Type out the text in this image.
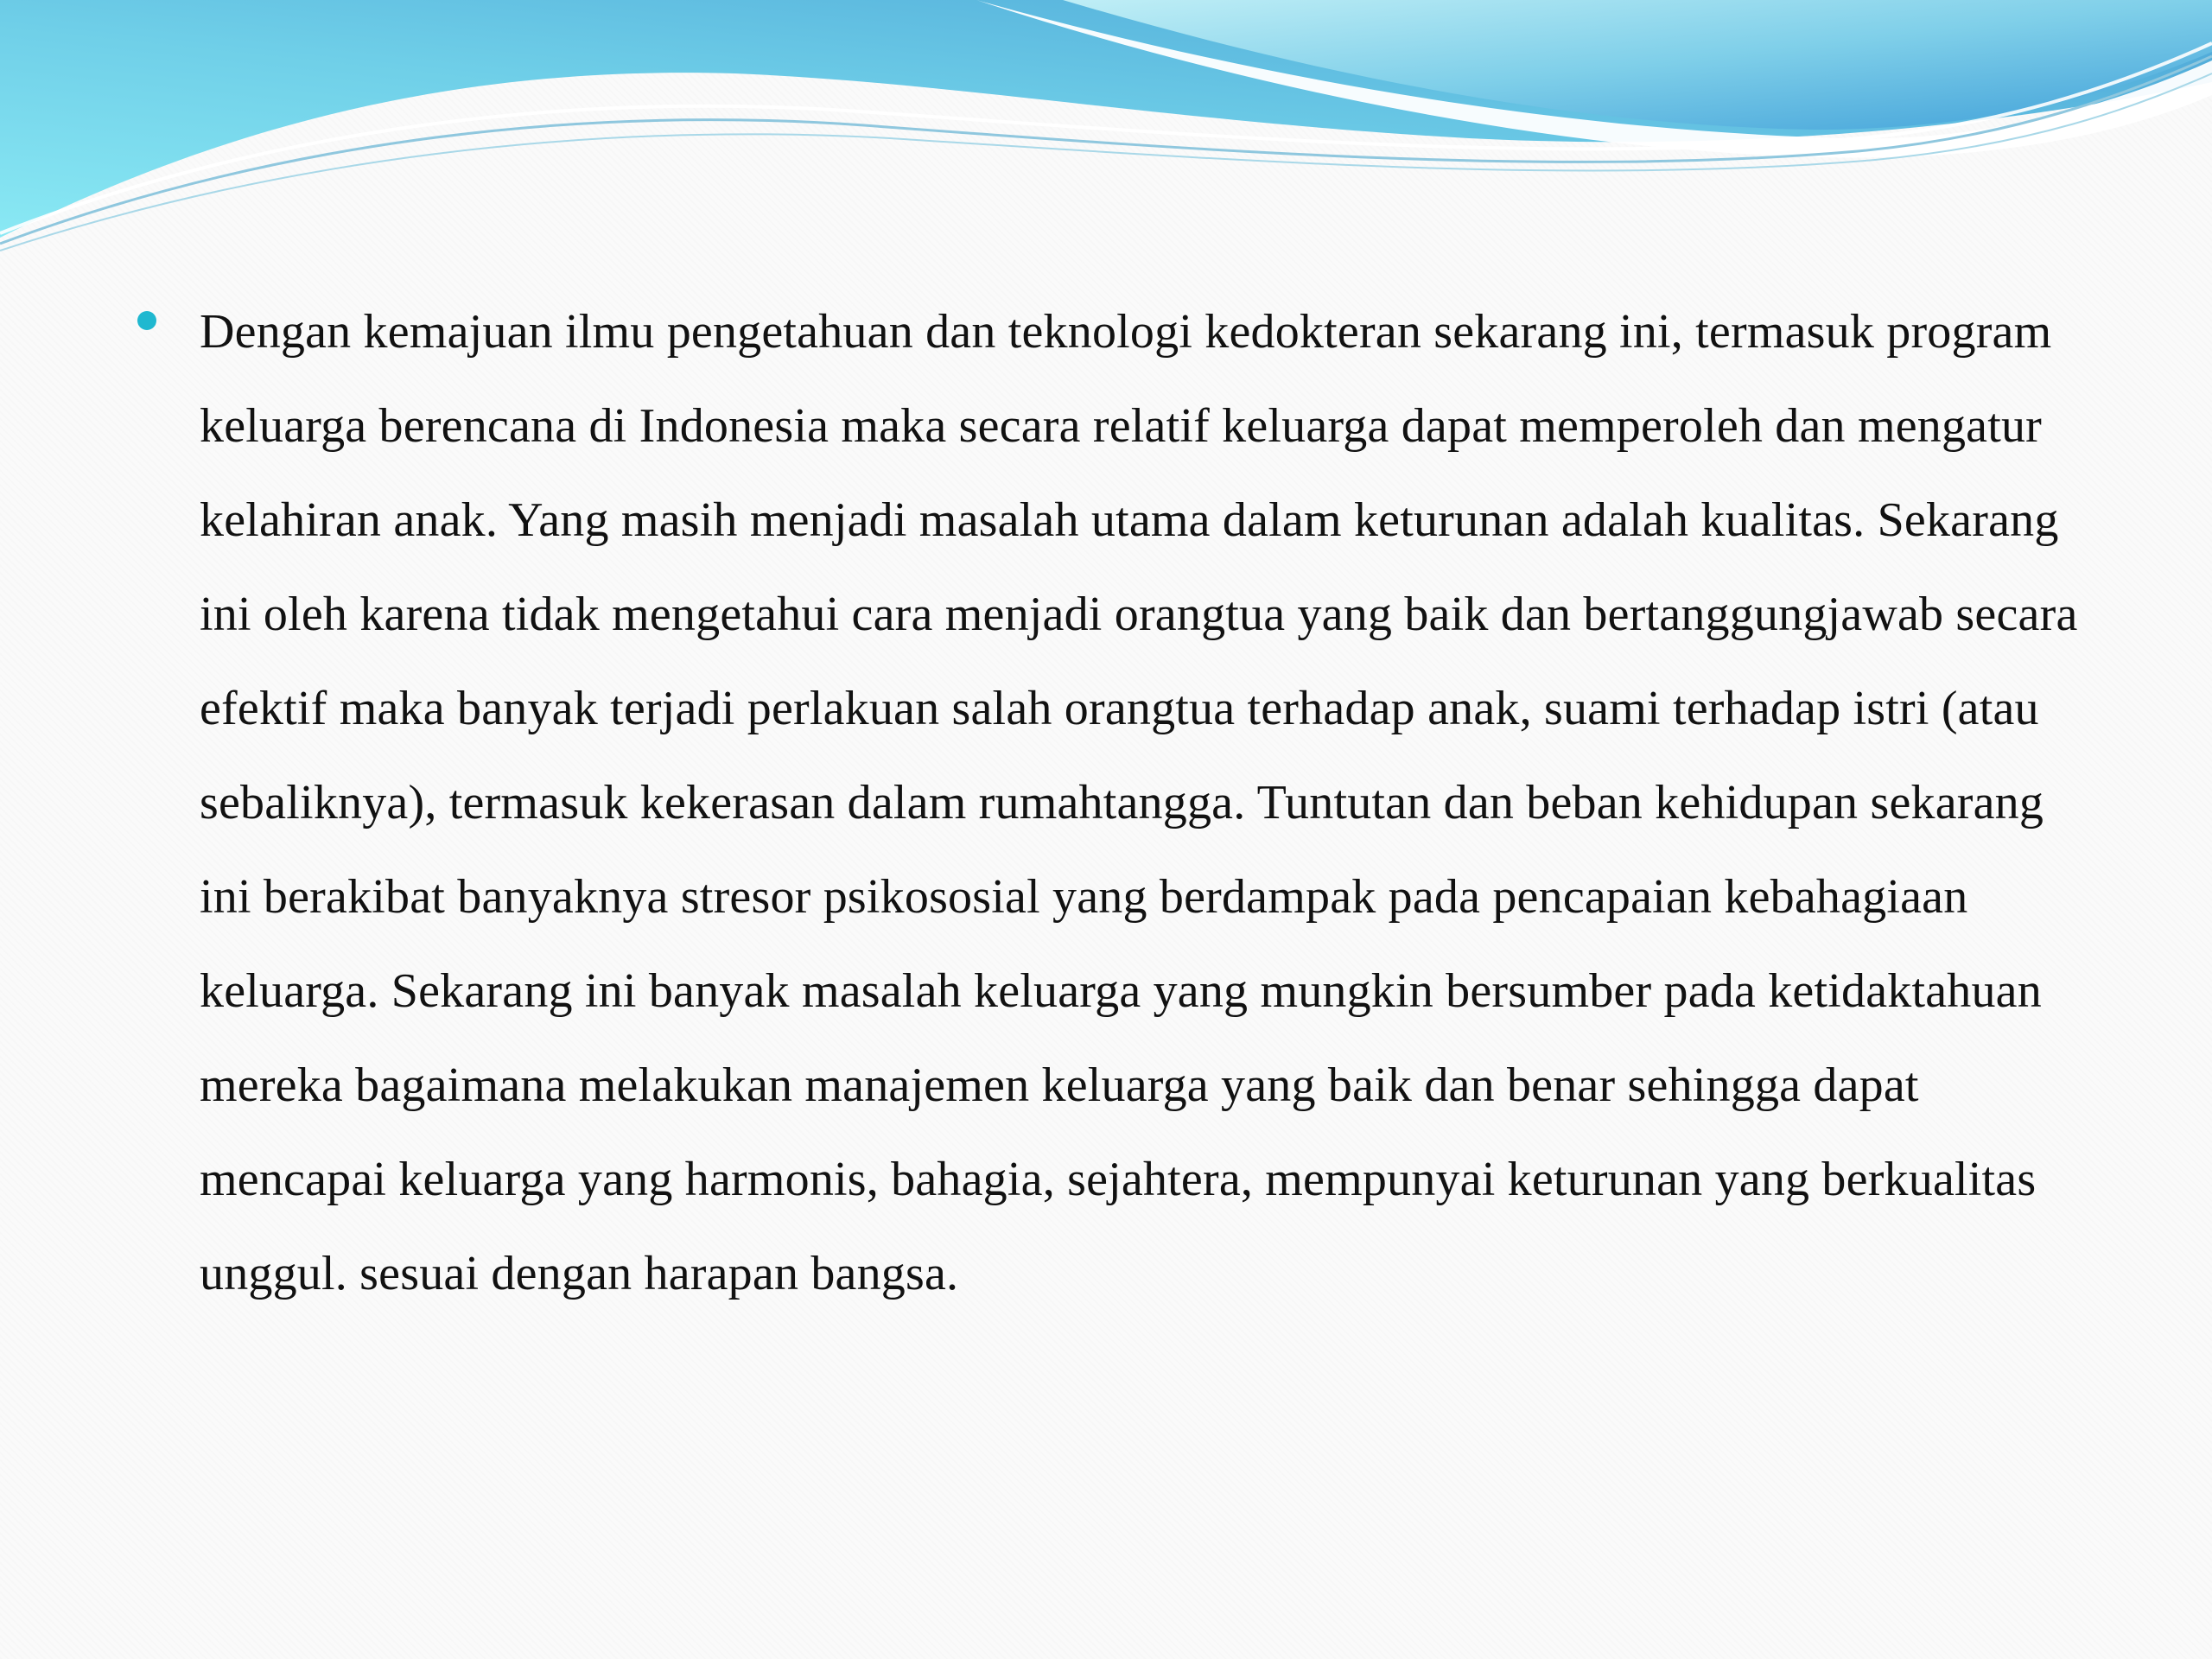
Dengan kemajuan ilmu pengetahuan dan teknologi kedokteran sekarang ini, termasuk program keluarga berencana di Indonesia maka secara relatif keluarga dapat memperoleh dan mengatur kelahiran anak. Yang masih menjadi masalah utama dalam keturunan adalah kualitas. Sekarang ini oleh karena tidak mengetahui cara menjadi orangtua yang baik dan bertanggungjawab secara efektif maka banyak terjadi perlakuan salah orangtua terhadap anak, suami terhadap istri (atau sebaliknya), termasuk kekerasan dalam rumahtangga. Tuntutan dan beban kehidupan sekarang ini berakibat banyaknya stresor psikososial yang berdampak pada pencapaian kebahagiaan keluarga. Sekarang ini banyak masalah keluarga yang mungkin bersumber pada ketidaktahuan mereka bagaimana melakukan manajemen keluarga yang baik dan benar sehingga dapat mencapai keluarga yang harmonis, bahagia, sejahtera, mempunyai keturunan yang berkualitas unggul. sesuai dengan harapan bangsa.
